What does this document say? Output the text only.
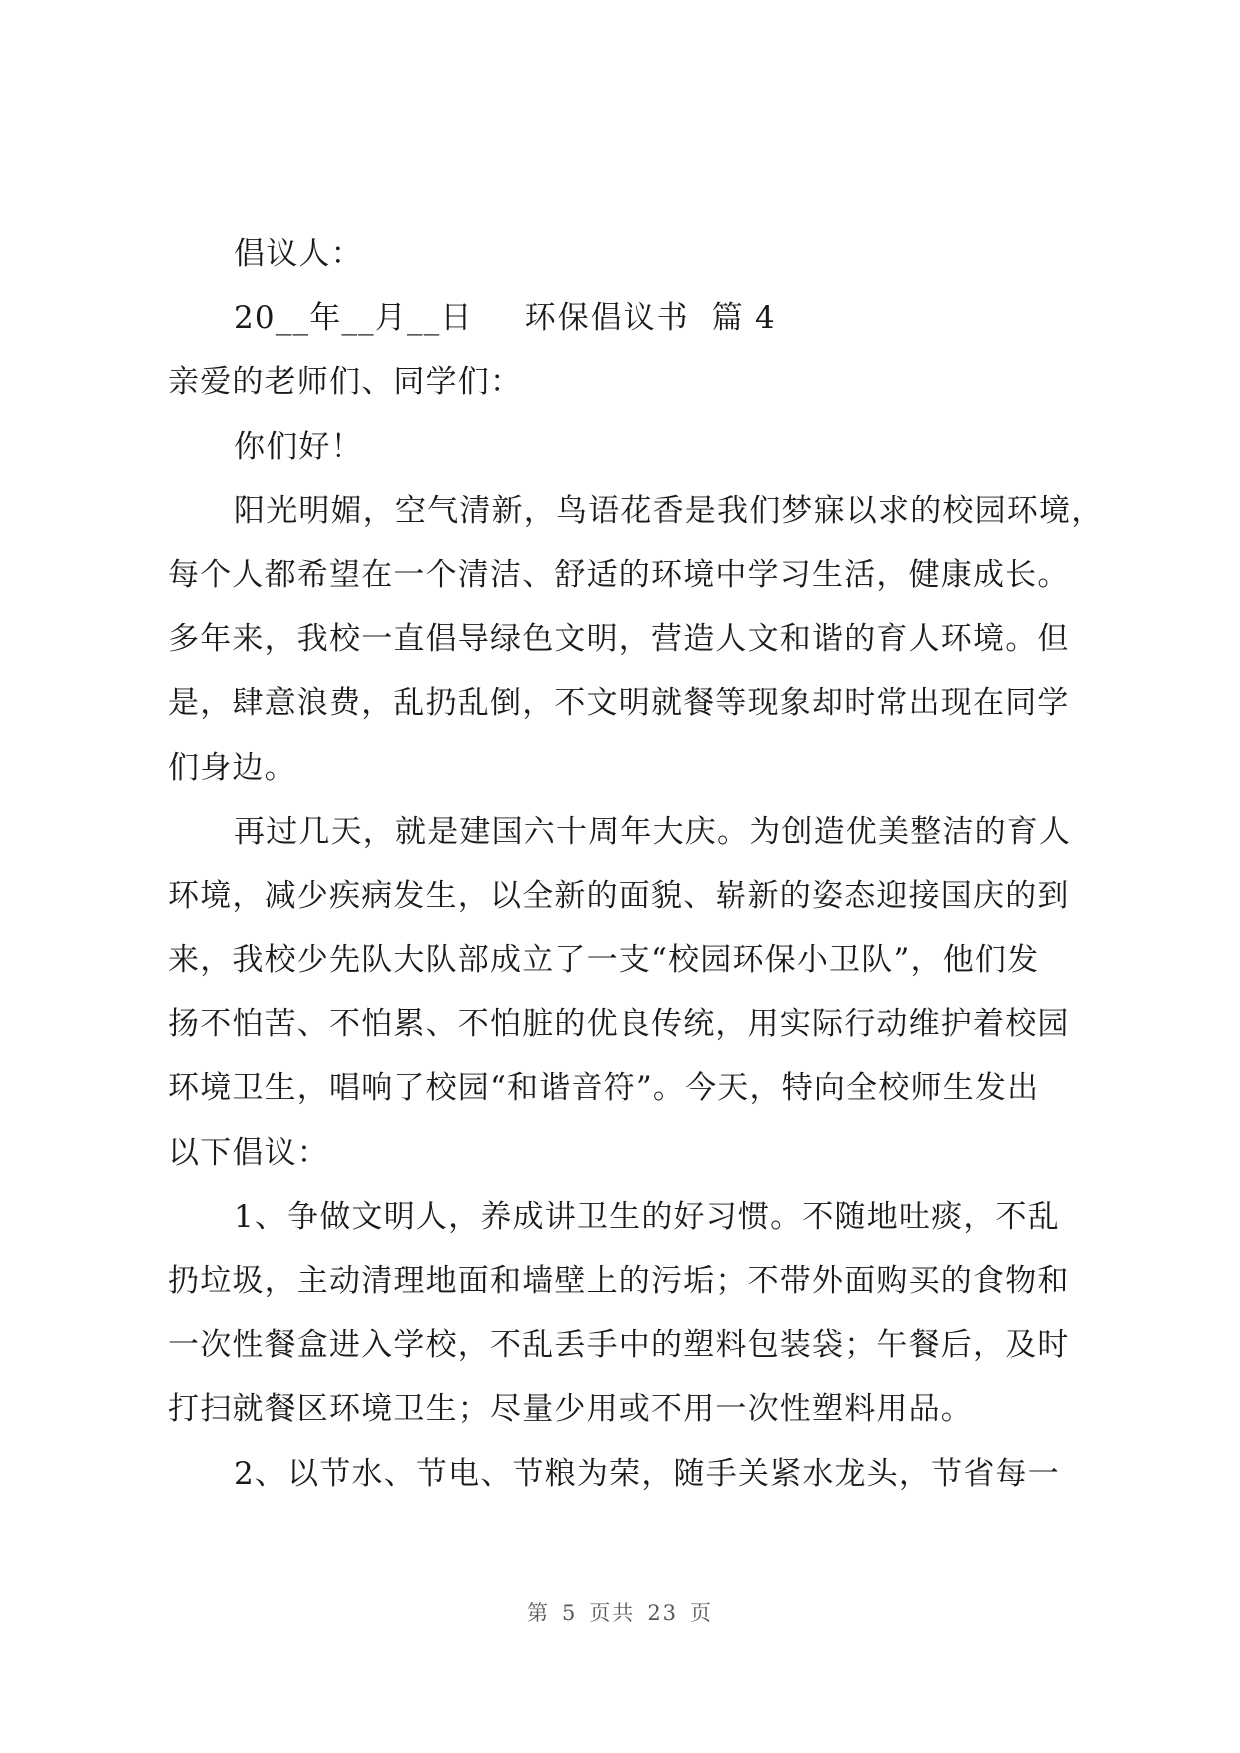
倡议人：
20__年__月__日 环保倡议书 篇 4
亲爱的老师们、同学们：
你们好！
阳光明媚，空气清新，鸟语花香是我们梦寐以求的校园环境，
每个人都希望在一个清洁、舒适的环境中学习生活，健康成长。
多年来，我校一直倡导绿色文明，营造人文和谐的育人环境。但
是，肆意浪费，乱扔乱倒，不文明就餐等现象却时常出现在同学
们身边。
再过几天，就是建国六十周年大庆。为创造优美整洁的育人
环境，减少疾病发生，以全新的面貌、崭新的姿态迎接国庆的到
来，我校少先队大队部成立了一支“校园环保小卫队”，他们发
扬不怕苦、不怕累、不怕脏的优良传统，用实际行动维护着校园
环境卫生，唱响了校园“和谐音符”。今天，特向全校师生发出
以下倡议：
1、争做文明人，养成讲卫生的好习惯。不随地吐痰，不乱
扔垃圾，主动清理地面和墙壁上的污垢；不带外面购买的食物和
一次性餐盒进入学校，不乱丢手中的塑料包装袋；午餐后，及时
打扫就餐区环境卫生；尽量少用或不用一次性塑料用品。
2、以节水、节电、节粮为荣，随手关紧水龙头，节省每一
第 5 页共 23 页
